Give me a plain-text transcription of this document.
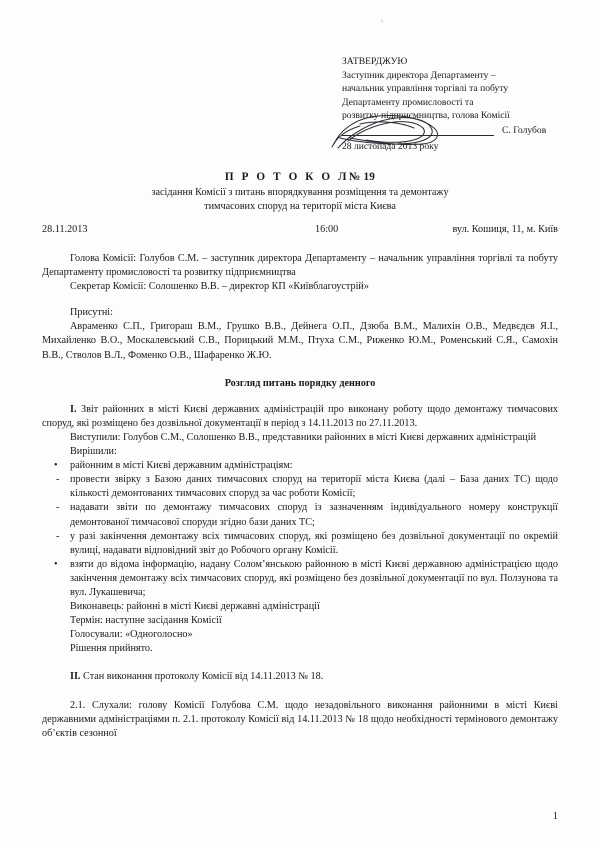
ЗАТВЕРДЖУЮ
Заступник директора Департаменту –
начальник управління торгівлі та побуту
Департаменту промисловості та
розвитку підприємництва, голова Комісії
С. Голубов
28 листопада 2013 року
П Р О Т О К О Л№ 19
засідання Комісії з питань впорядкування розміщення та демонтажу
тимчасових споруд на території міста Києва
28.11.2013	16:00	вул. Кошиця, 11, м. Київ

Голова Комісії: Голубов С.М. – заступник директора Департаменту – начальник управління торгівлі та побуту Департаменту промисловості та розвитку підприємництва

Секретар Комісії: Солошенко В.В. – директор КП «Київблагоустрій»

Присутні:

Авраменко С.П., Григораш В.М., Грушко В.В., Дейнега О.П., Дзюба В.М., Малихін О.В., Медвєдєв Я.І., Михайленко В.О., Москалевський С.В., Порицький М.М., Птуха С.М., Риженко Ю.М., Роменський С.Я., Самохін В.В., Стволов В.Л., Фоменко О.В., Шафаренко Ж.Ю.

Розгляд питань порядку денного

I. Звіт районних в місті Києві державних адміністрацій про виконану роботу щодо демонтажу тимчасових споруд, які розміщено без дозвільної документації в період з 14.11.2013 по 27.11.2013.

Виступили: Голубов С.М., Солошенко В.В., представники районних в місті Києві державних адміністрацій

Вирішили:

•	районним в місті Києві державним адміністраціям:
-	провести звірку з Базою даних тимчасових споруд на території міста Києва (далі – База даних ТС) щодо кількості демонтованих тимчасових споруд за час роботи Комісії;
-	надавати звіти по демонтажу тимчасових споруд із зазначенням індивідуального номеру конструкції демонтованої тимчасової споруди згідно бази даних ТС;
-	у разі закінчення демонтажу всіх тимчасових споруд, які розміщено без дозвільної документації по окремій вулиці, надавати відповідний звіт до Робочого органу Комісії.
•	взяти до відома інформацію, надану Солом’янською районною в місті Києві державною адміністрацією щодо закінчення демонтажу всіх тимчасових споруд, які розміщено без дозвільної документації по вул. Ползунова та вул. Лукашевича;

Виконавець: районні в місті Києві державні адміністрації

Термін: наступне засідання Комісії

Голосували: «Одноголосно»

Рішення прийнято.

II. Стан виконання протоколу Комісії від 14.11.2013 № 18.

2.1. Слухали: голову Комісії Голубова С.М. щодо незадовільного виконання районними в місті Києві державними адміністраціями п. 2.1. протоколу Комісії від 14.11.2013 № 18 щодо необхідності термінового демонтажу об’єктів сезонної

1
